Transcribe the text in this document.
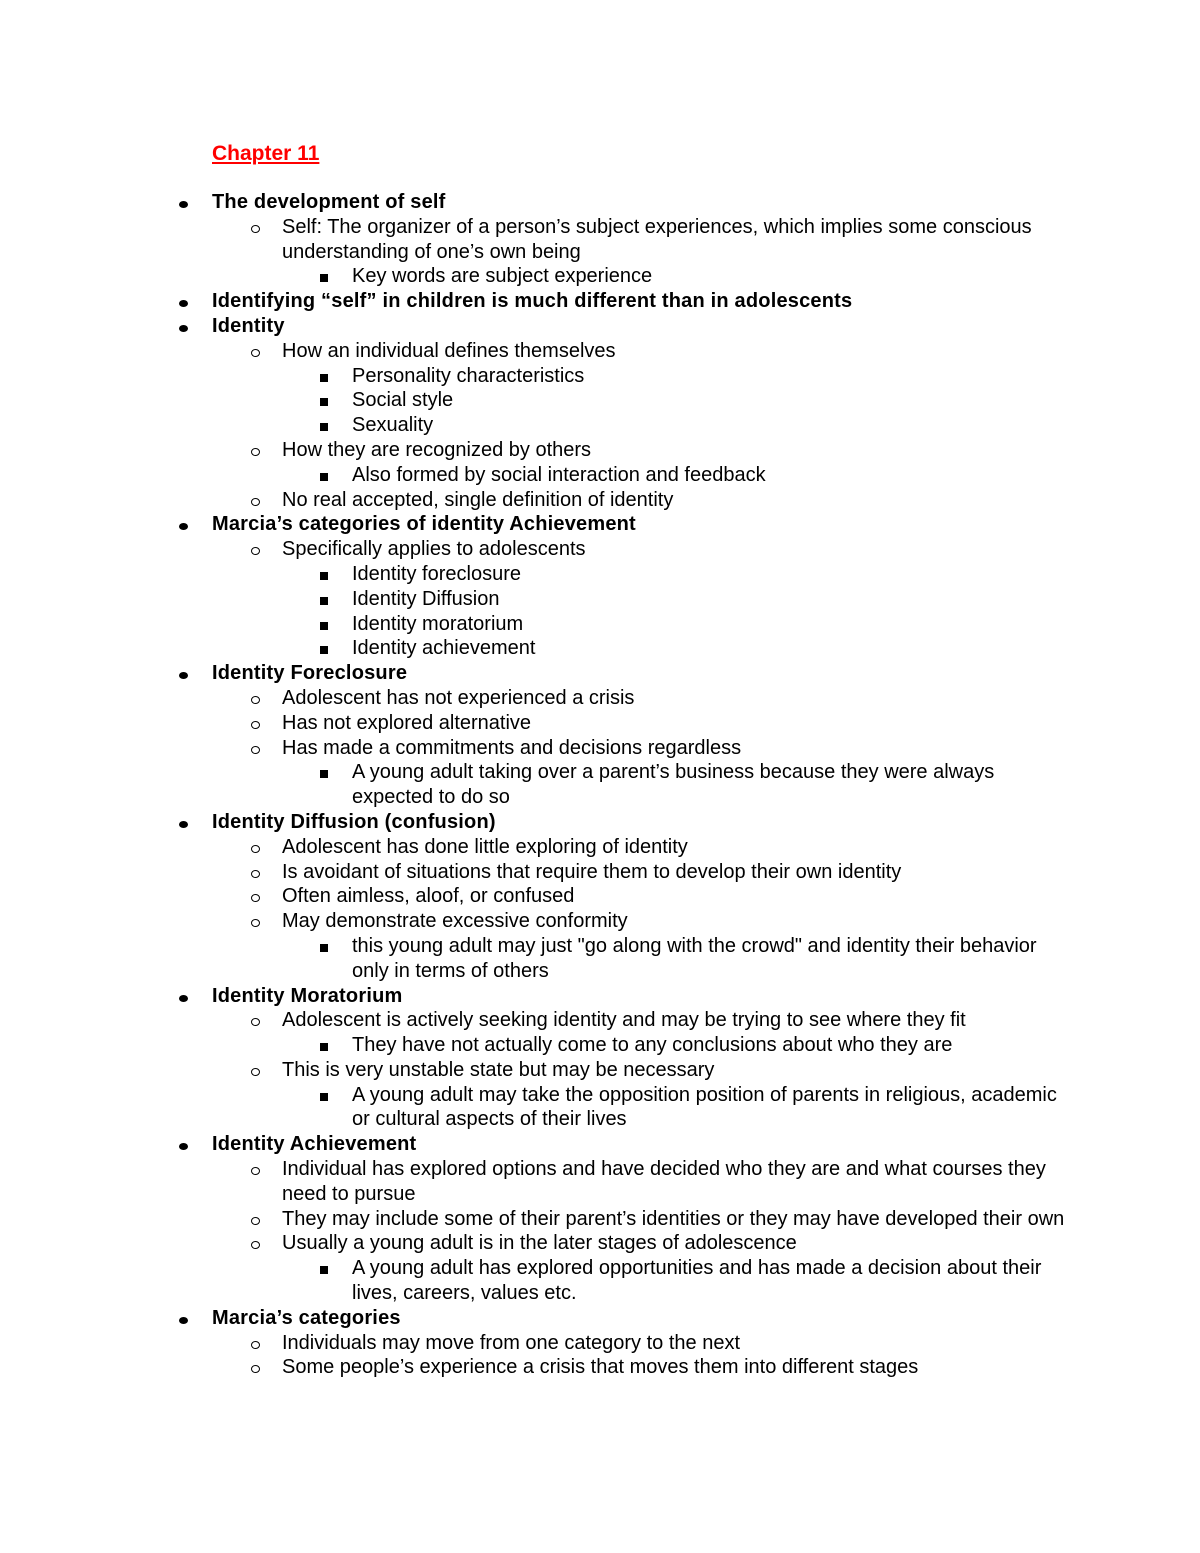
Chapter 11
The development of self
Self: The organizer of a person’s subject experiences, which implies some conscious understanding of one’s own being
Key words are subject experience
Identifying “self” in children is much different than in adolescents
Identity
How an individual defines themselves
Personality characteristics
Social style
Sexuality
How they are recognized by others
Also formed by social interaction and feedback
No real accepted, single definition of identity
Marcia’s categories of identity Achievement
Specifically applies to adolescents
Identity foreclosure
Identity Diffusion
Identity moratorium
Identity achievement
Identity Foreclosure
Adolescent has not experienced a crisis
Has not explored alternative
Has made a commitments and decisions regardless
A young adult taking over a parent’s business because they were always expected to do so
Identity Diffusion (confusion)
Adolescent has done little exploring of identity
Is avoidant of situations that require them to develop their own identity
Often aimless, aloof, or confused
May demonstrate excessive conformity
this young adult may just "go along with the crowd" and identity their behavior only in terms of others
Identity Moratorium
Adolescent is actively seeking identity and may be trying to see where they fit
They have not actually come to any conclusions about who they are
This is very unstable state but may be necessary
A young adult may take the opposition position of parents in religious, academic or cultural aspects of their lives
Identity Achievement
Individual has explored options and have decided who they are and what courses they need to pursue
They may include some of their parent’s identities or they may have developed their own
Usually a young adult is in the later stages of adolescence
A young adult has explored opportunities and has made a decision about their lives, careers, values etc.
Marcia’s categories
Individuals may move from one category to the next
Some people’s experience a crisis that moves them into different stages
